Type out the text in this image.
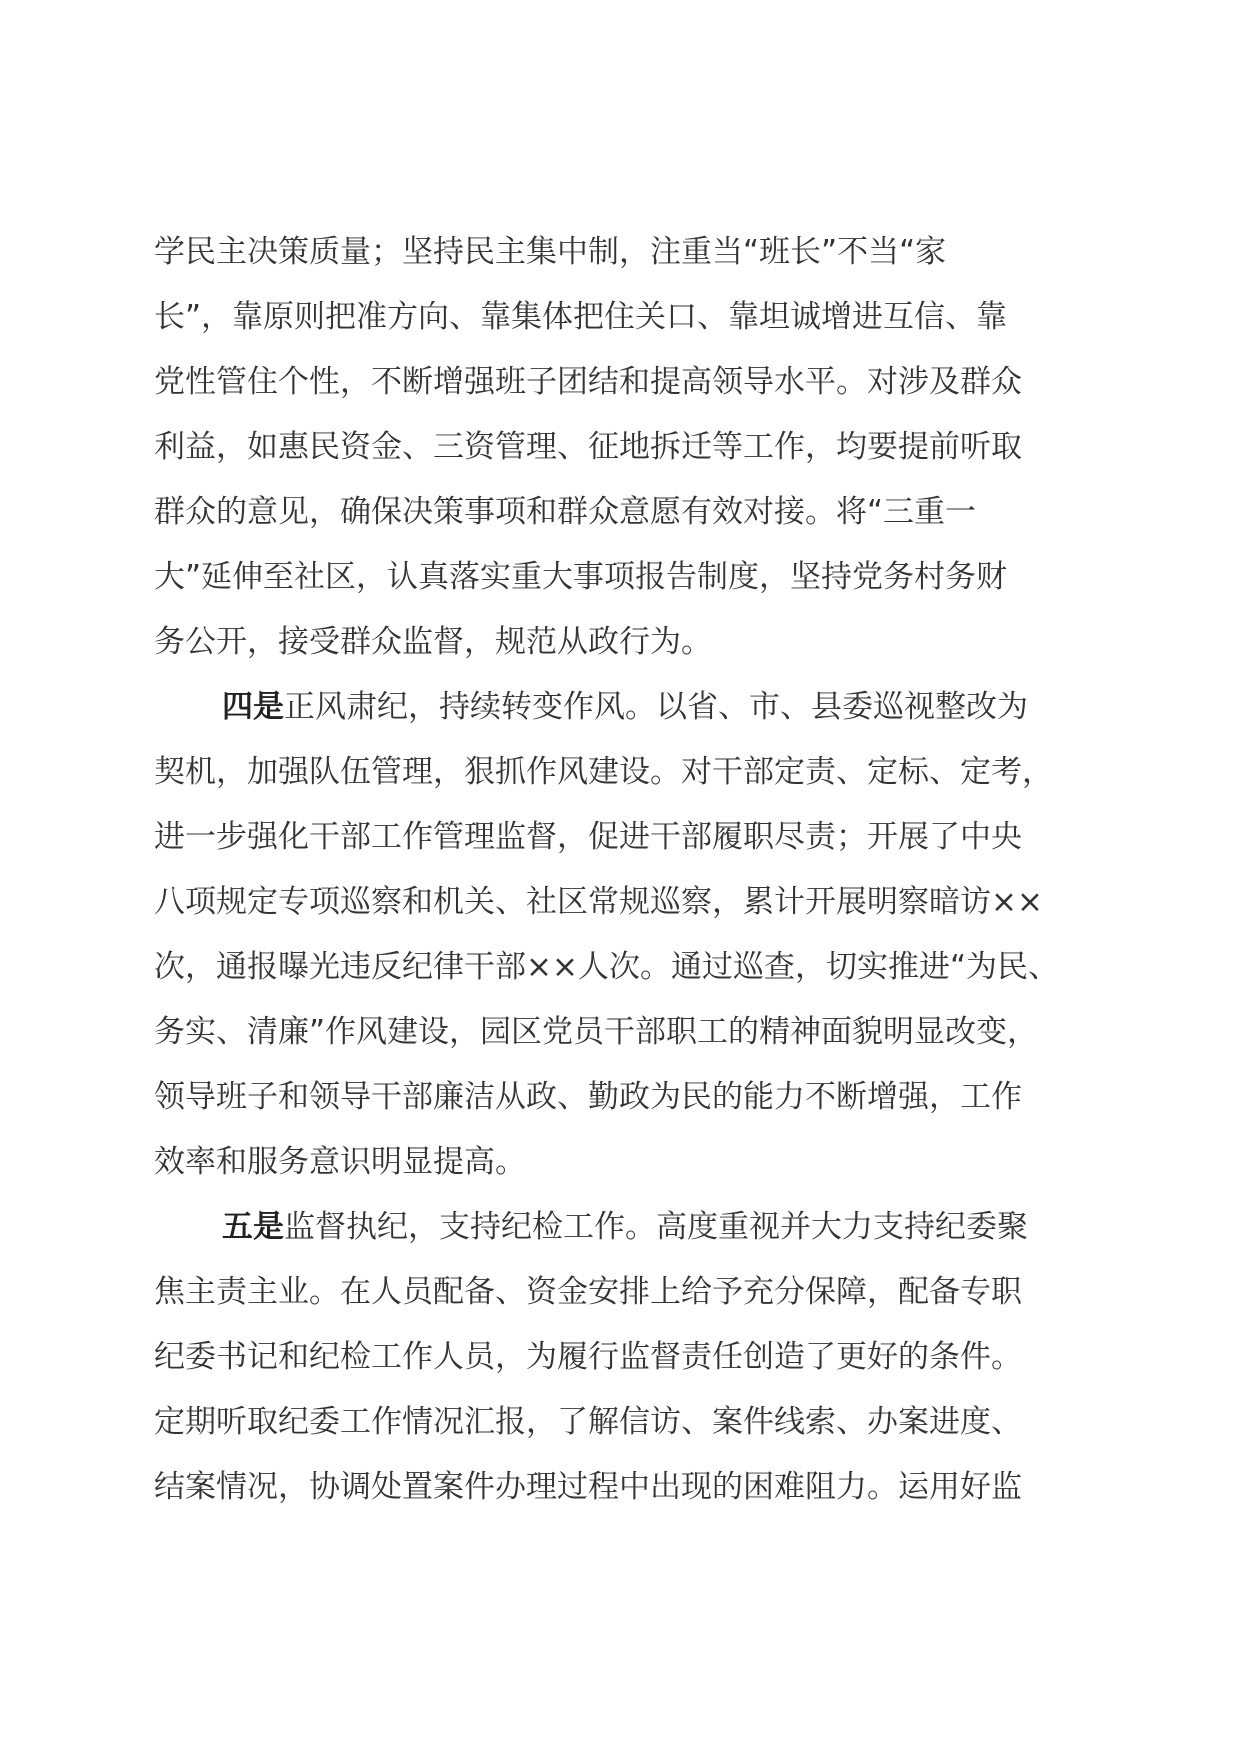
学民主决策质量；坚持民主集中制，注重当“班长”不当“家
长”，靠原则把准方向、靠集体把住关口、靠坦诚增进互信、靠
党性管住个性，不断增强班子团结和提高领导水平。对涉及群众
利益，如惠民资金、三资管理、征地拆迁等工作，均要提前听取
群众的意见，确保决策事项和群众意愿有效对接。将“三重一
大”延伸至社区，认真落实重大事项报告制度，坚持党务村务财
务公开，接受群众监督，规范从政行为。
四是正风肃纪，持续转变作风。以省、市、县委巡视整改为
契机，加强队伍管理，狠抓作风建设。对干部定责、定标、定考，
进一步强化干部工作管理监督，促进干部履职尽责；开展了中央
八项规定专项巡察和机关、社区常规巡察，累计开展明察暗访××
次，通报曝光违反纪律干部××人次。通过巡查，切实推进“为民、
务实、清廉”作风建设，园区党员干部职工的精神面貌明显改变，
领导班子和领导干部廉洁从政、勤政为民的能力不断增强，工作
效率和服务意识明显提高。
五是监督执纪，支持纪检工作。高度重视并大力支持纪委聚
焦主责主业。在人员配备、资金安排上给予充分保障，配备专职
纪委书记和纪检工作人员，为履行监督责任创造了更好的条件。
定期听取纪委工作情况汇报，了解信访、案件线索、办案进度、
结案情况，协调处置案件办理过程中出现的困难阻力。运用好监
